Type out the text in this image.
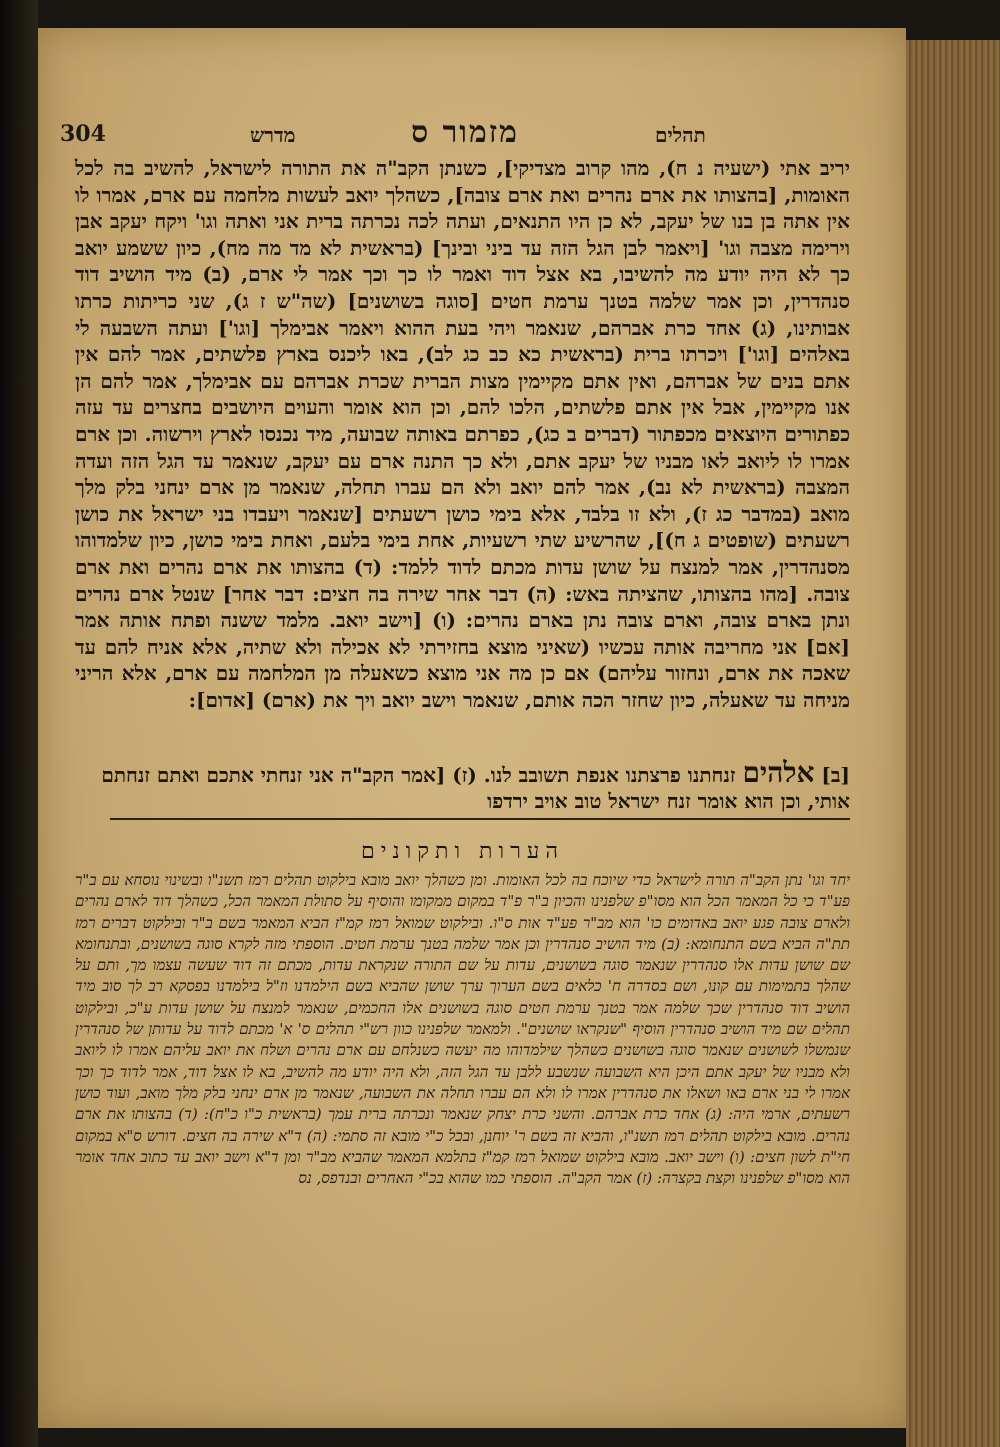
304	מדרש	מזמור ס	תהלים

יריב אתי (ישעיה נ ח), מהו קרוב מצדיקי], כשנתן הקב"ה את התורה לישראל, להשיב בה לכל האומות, [בהצותו את ארם נהרים ואת ארם צובה], כשהלך יואב לעשות מלחמה עם ארם, אמרו לו אין אתה בן בנו של יעקב, לא כן היו התנאים, ועתה לכה נכרתה ברית אני ואתה וגו' ויקח יעקב אבן וירימה מצבה וגו' [ויאמר לבן הגל הזה עד ביני ובינך] (בראשית לא מד מה מח), כיון ששמע יואב כך לא היה יודע מה להשיבו, בא אצל דוד ואמר לו כך וכך אמר לי ארם, (ב) מיד הושיב דוד סנהדרין, וכן אמר שלמה בטנך ערמת חטים [סוגה בשושנים] (שה"ש ז ג), שני כריתות כרתו אבותינו, (ג) אחד כרת אברהם, שנאמר ויהי בעת ההוא ויאמר אבימלך [וגו'] ועתה השבעה לי באלהים [וגו'] ויכרתו ברית (בראשית כא כב כג לב), באו ליכנס בארץ פלשתים, אמר להם אין אתם בנים של אברהם, ואין אתם מקיימין מצות הברית שכרת אברהם עם אבימלך, אמר להם הן אנו מקיימין, אבל אין אתם פלשתים, הלכו להם, וכן הוא אומר והעוים היושבים בחצרים עד עזה כפתורים היוצאים מכפתור (דברים ב כג), כפרתם באותה שבועה, מיד נכנסו לארץ וירשוה. וכן ארם אמרו לו ליואב לאו מבניו של יעקב אתם, ולא כך התנה ארם עם יעקב, שנאמר עד הגל הזה ועדה המצבה (בראשית לא נב), אמר להם יואב ולא הם עברו תחלה, שנאמר מן ארם ינחני בלק מלך מואב (במדבר כג ז), ולא זו בלבד, אלא בימי כושן רשעתים [שנאמר ויעבדו בני ישראל את כושן רשעתים (שופטים ג ח)], שהרשיע שתי רשעיות, אחת בימי בלעם, ואחת בימי כושן, כיון שלמדוהו מסנהדרין, אמר למנצח על שושן עדות מכתם לדוד ללמד: (ד) בהצותו את ארם נהרים ואת ארם צובה. [מהו בהצותו, שהציתה באש: (ה) דבר אחר שירה בה חצים: דבר אחר] שנטל ארם נהרים ונתן בארם צובה, וארם צובה נתן בארם נהרים: (ו) [וישב יואב. מלמד ששנה ופתח אותה אמר [אם] אני מחריבה אותה עכשיו (שאיני מוצא בחזירתי לא אכילה ולא שתיה, אלא אניח להם עד שאכה את ארם, ונחזור עליהם) אם כן מה אני מוצא כשאעלה מן המלחמה עם ארם, אלא הריני מניחה עד שאעלה, כיון שחזר הכה אותם, שנאמר וישב יואב ויך את (ארם) [אדום]:

[ב] אלהים זנחתנו פרצתנו אנפת תשובב לנו. (ז) [אמר הקב"ה אני זנחתי אתכם ואתם זנחתם אותי, וכן הוא אומר זנח ישראל טוב אויב ירדפו
הערות ותקונים

יחד וגו' נתן הקב"ה תורה לישראל כדי שיוכח בה לכל האומות. ומן כשהלך יואב מובא בילקוט תהלים רמז תשנ"ו ובשינוי נוסחא עם ב"ר פע"ד כי כל המאמר הכל הוא מסו"פ שלפנינו והכיון ב"ר פ"ד במקום ממקומו והוסיף על סתולת המאמר הכל, כשהלך דוד לארם נהרים ולארם צובה פגע יואב באדומים כו' הוא מב"ר פע"ד אות ס"ו. ובילקוט שמואל רמז קמ"ז הביא המאמר בשם ב"ר ובילקוט דברים רמז תת"ה הביא בשם התנחומא: (ב) מיד הושיב סנהדרין וכן אמר שלמה בטנך ערמת חטים. הוספתי מזה לקרא סוגה בשושנים, ובתנחומא שם שושן עדות אלו סנהדרין שנאמר סוגה בשושנים, עדות על שם התורה שנקראת עדות, מכתם זה דוד שעשה עצמו מך, ותם על שהלך בתמימות עם קונו, ושם בסדרה ח' כלאים בשם הערוך ערך שושן שהביא בשם הילמדנו וז"ל בילמדנו בפסקא רב לך סוב מיד הושיב דוד סנהדרין שכך שלמה אמר בטנך ערמת חטים סוגה בשושנים אלו החכמים, שנאמר למנצח על שושן עדות ע"כ, ובילקוט תהלים שם מיד הושיב סנהדרין הוסיף "שנקראו שושנים". ולמאמר שלפנינו כוון רש"י תהלים ס' א' מכתם לדוד על עדותן של סנהדרין שנמשלו לשושנים שנאמר סוגה בשושנים כשהלך שילמדוהו מה יעשה כשנלחם עם ארם נהרים ושלח את יואב עליהם אמרו לו ליואב ולא מבניו של יעקב אתם היכן היא השבועה שנשבע ללבן עד הגל הזה, ולא היה יודע מה להשיב, בא לו אצל דוד, אמר לדוד כך וכך אמרו לי בני ארם באו ושאלו את סנהדרין אמרו לו ולא הם עברו תחלה את השבועה, שנאמר מן ארם ינחני בלק מלך מואב, ועוד כושן רשעתים, ארמי היה: (ג) אחד כרת אברהם. והשני כרת יצחק שנאמר ונכרתה ברית עמך (בראשית כ"ו כ"ח): (ד) בהצותו את ארם נהרים. מובא בילקוט תהלים רמז תשנ"ו, והביא זה בשם ר' יוחנן, ובכל כ"י מובא זה סתמי: (ה) ד"א שירה בה חצים. דורש ס"א במקום חי"ת לשון חצים: (ו) וישב יואב. מובא בילקוט שמואל רמז קמ"ז בתלמא המאמר שהביא מב"ר ומן ד"א וישב יואב עד כתוב אחד אומר הוא מסו"פ שלפנינו וקצת בקצרה: (ז) אמר הקב"ה. הוספתי כמו שהוא בכ"י האחרים ובנדפס, נס
